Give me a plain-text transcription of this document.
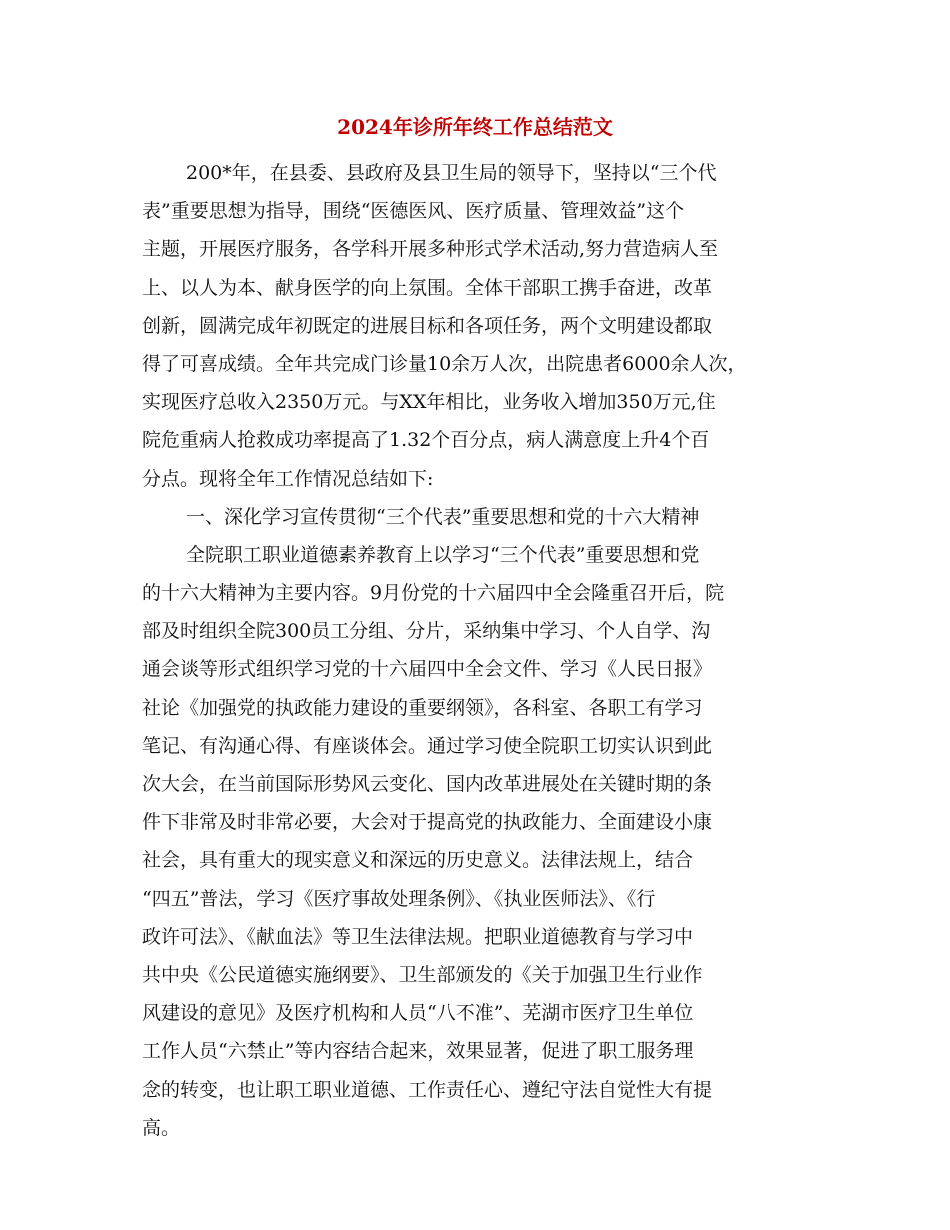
2024年诊所年终工作总结范文
200*年，在县委、县政府及县卫生局的领导下，坚持以“三个代
表”重要思想为指导，围绕“医德医风、医疗质量、管理效益”这个
主题，开展医疗服务，各学科开展多种形式学术活动,努力营造病人至
上、以人为本、献身医学的向上氛围。全体干部职工携手奋进，改革
创新，圆满完成年初既定的进展目标和各项任务，两个文明建设都取
得了可喜成绩。全年共完成门诊量10余万人次，出院患者6000余人次，
实现医疗总收入2350万元。与XX年相比，业务收入增加350万元,住
院危重病人抢救成功率提高了1.32个百分点，病人满意度上升4个百
分点。现将全年工作情况总结如下:
一、深化学习宣传贯彻“三个代表”重要思想和党的十六大精神
全院职工职业道德素养教育上以学习“三个代表”重要思想和党
的十六大精神为主要内容。9月份党的十六届四中全会隆重召开后，院
部及时组织全院300员工分组、分片，采纳集中学习、个人自学、沟
通会谈等形式组织学习党的十六届四中全会文件、学习《人民日报》
社论《加强党的执政能力建设的重要纲领》，各科室、各职工有学习
笔记、有沟通心得、有座谈体会。通过学习使全院职工切实认识到此
次大会，在当前国际形势风云变化、国内改革进展处在关键时期的条
件下非常及时非常必要，大会对于提高党的执政能力、全面建设小康
社会，具有重大的现实意义和深远的历史意义。法律法规上，结合
“四五”普法，学习《医疗事故处理条例》、《执业医师法》、《行
政许可法》、《献血法》等卫生法律法规。把职业道德教育与学习中
共中央《公民道德实施纲要》、卫生部颁发的《关于加强卫生行业作
风建设的意见》及医疗机构和人员“八不准”、芜湖市医疗卫生单位
工作人员“六禁止”等内容结合起来，效果显著，促进了职工服务理
念的转变，也让职工职业道德、工作责任心、遵纪守法自觉性大有提
高。
